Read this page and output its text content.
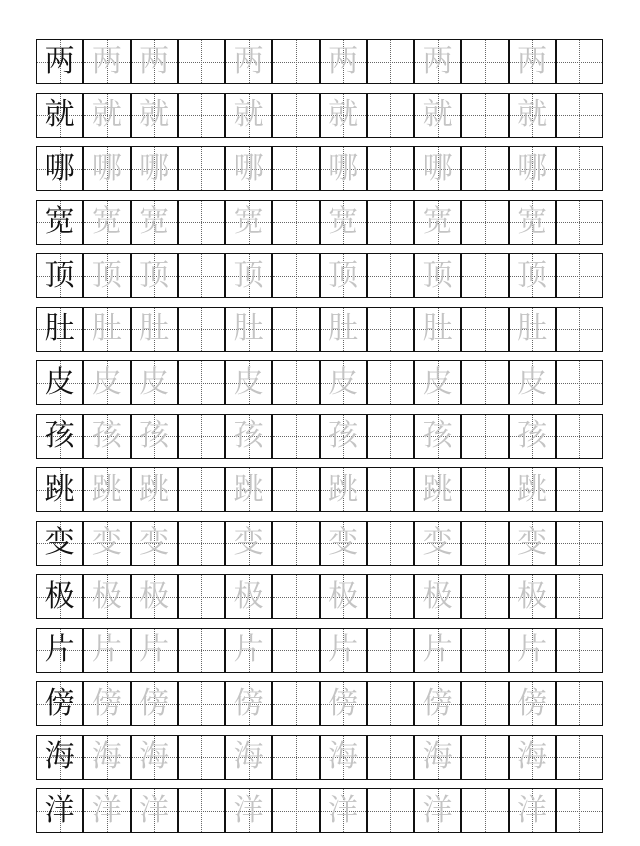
两 两 两 两 两 两 两
就 就 就 就 就 就 就
哪 哪 哪 哪 哪 哪 哪
宽 宽 宽 宽 宽 宽 宽
顶 顶 顶 顶 顶 顶 顶
肚 肚 肚 肚 肚 肚 肚
皮 皮 皮 皮 皮 皮 皮
孩 孩 孩 孩 孩 孩 孩
跳 跳 跳 跳 跳 跳 跳
变 变 变 变 变 变 变
极 极 极 极 极 极 极
片 片 片 片 片 片 片
傍 傍 傍 傍 傍 傍 傍
海 海 海 海 海 海 海
洋 洋 洋 洋 洋 洋 洋
